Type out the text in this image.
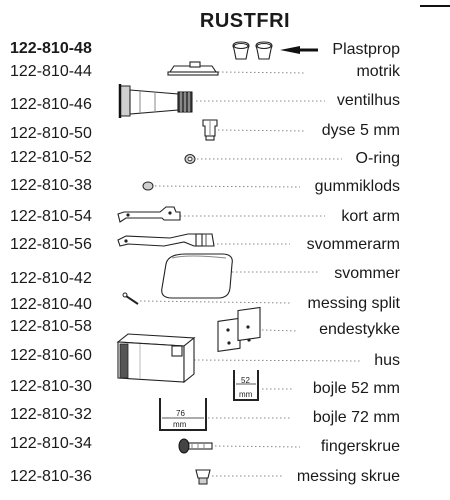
RUSTFRI
122-810-48	Plastprop
122-810-44	motrik
122-810-46	ventilhus
122-810-50	dyse 5 mm
122-810-52	O-ring
122-810-38	gummiklods
122-810-54	kort arm
122-810-56	svommerarm
122-810-42	svommer
122-810-40	messing split
122-810-58	endestykke
122-810-60	hus
122-810-30	bojle 52 mm
122-810-32	bojle 72 mm
122-810-34	fingerskrue
122-810-36	messing skrue
52
mm
76
mm
